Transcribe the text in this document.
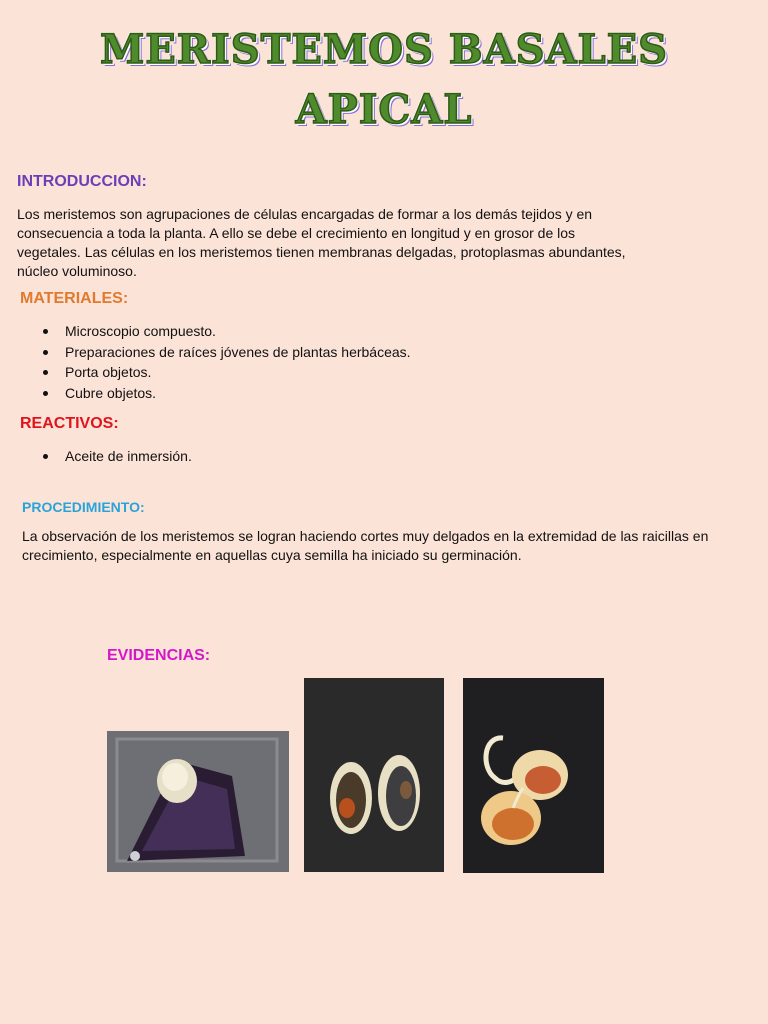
MERISTEMOS BASALES
APICAL
INTRODUCCION:

Los meristemos son agrupaciones de células encargadas de formar a los demás tejidos y en consecuencia a toda la planta. A ello se debe el crecimiento en longitud y en grosor de los vegetales. Las células en los meristemos tienen membranas delgadas, protoplasmas abundantes, núcleo voluminoso.

MATERIALES:
Microscopio compuesto.
Preparaciones de raíces jóvenes de plantas herbáceas.
Porta objetos.
Cubre objetos.
REACTIVOS:
Aceite de inmersión.
PROCEDIMIENTO:

La observación de los meristemos se logran haciendo cortes muy delgados en la extremidad de las raicillas en crecimiento, especialmente en aquellas cuya semilla ha iniciado su germinación.

EVIDENCIAS:
